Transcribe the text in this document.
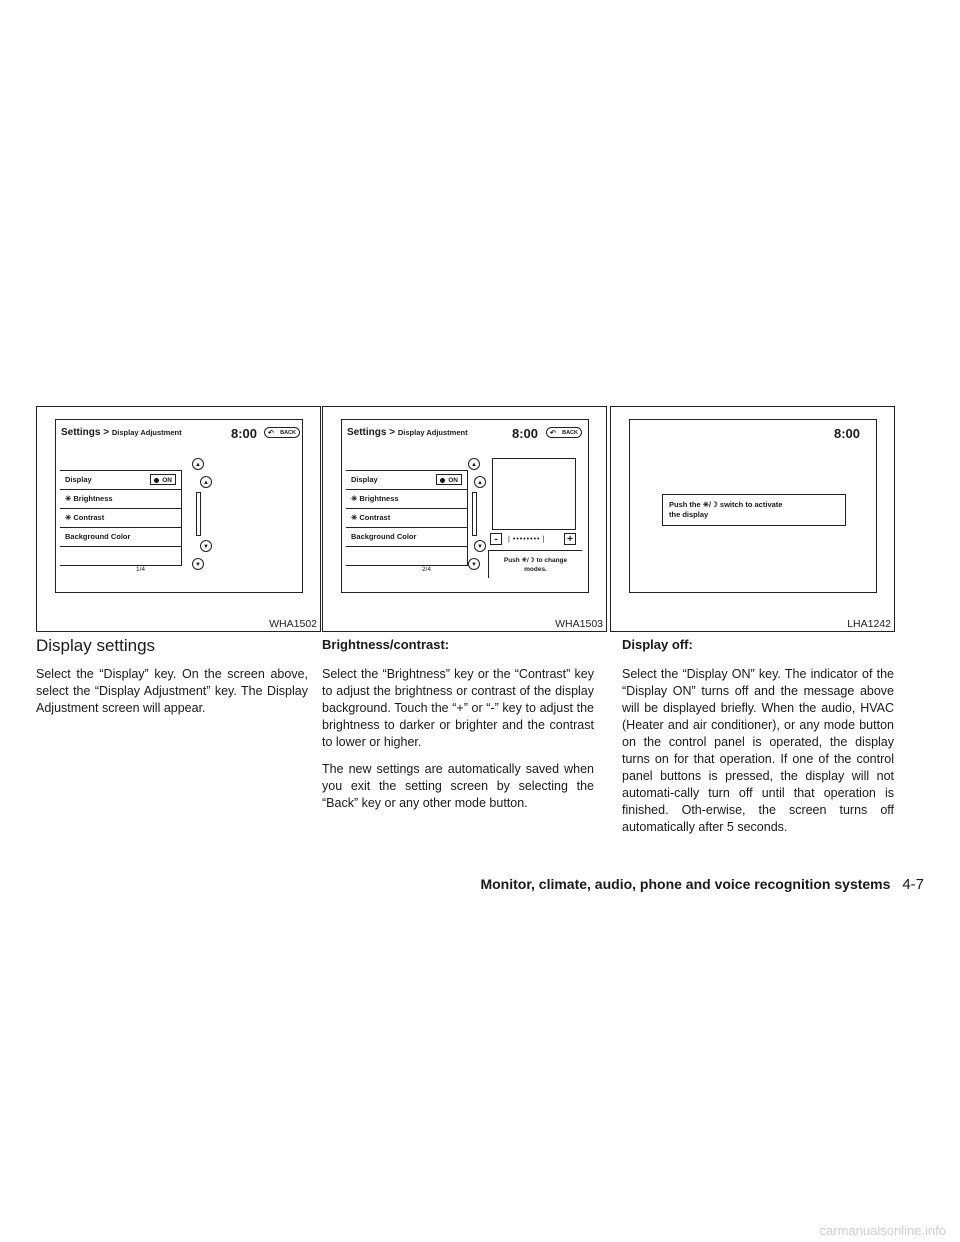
Settings > Display Adjustment	8:00 ↶ BACK
Display	ON
✳ Brightness
✳ Contrast
Background Color
▲
▲
▼
▼
1/4
WHA1502
Settings > Display Adjustment	8:00 ↶ BACK
Display	ON
✳ Brightness
✳ Contrast
Background Color
▲
▲
▼
▼
2/4
-	❘••••••••❘	+
Push ✳/☽ to change
modes.
WHA1503
8:00
Push the ✳/☽ switch to activate
the display
LHA1242
Display settings

Select the “Display” key. On the screen above, select the “Display Adjustment” key. The Display Adjustment screen will appear.

Brightness/contrast:

Select the “Brightness” key or the “Contrast” key to adjust the brightness or contrast of the display background. Touch the “+” or “-” key to adjust the brightness to darker or brighter and the contrast to lower or higher.

The new settings are automatically saved when you exit the setting screen by selecting the “Back” key or any other mode button.

Display off:

Select the “Display ON” key. The indicator of the “Display ON” turns off and the message above will be displayed briefly. When the audio, HVAC (Heater and air conditioner), or any mode button on the control panel is operated, the display turns on for that operation. If one of the control panel buttons is pressed, the display will not automati-cally turn off until that operation is finished. Oth-erwise, the screen turns off automatically after 5 seconds.

Monitor, climate, audio, phone and voice recognition systems 4-7
carmanualsonline.info
